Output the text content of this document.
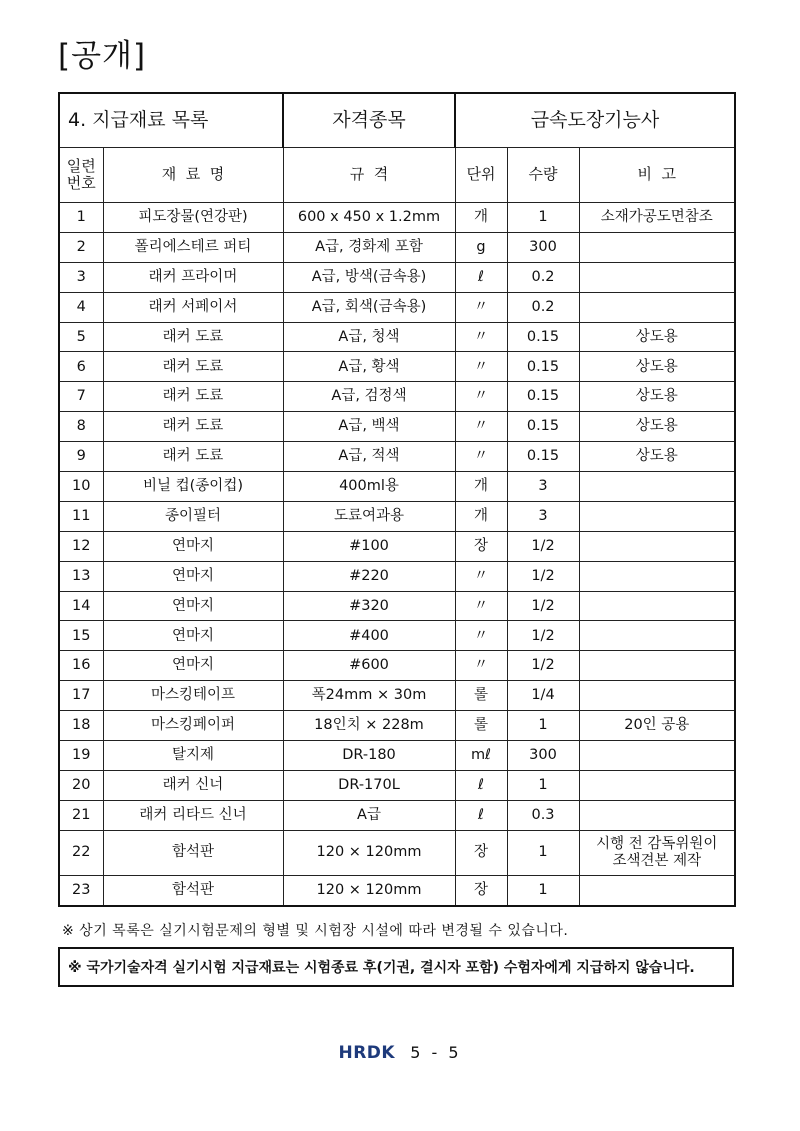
[공개]
4. 지급재료 목록		자격종목	금속도장기능사		
일련
번호	재  료  명	규  격	단위	수량	비  고
1	피도장물(연강판)	600 x 450 x 1.2mm	개	1	소재가공도면참조
2	폴리에스테르 퍼티	A급, 경화제 포함	g	300	
3	래커 프라이머	A급, 방색(금속용)	ℓ	0.2	
4	래커 서페이서	A급, 회색(금속용)	〃	0.2	
5	래커 도료	A급, 청색	〃	0.15	상도용
6	래커 도료	A급, 황색	〃	0.15	상도용
7	래커 도료	A급, 검정색	〃	0.15	상도용
8	래커 도료	A급, 백색	〃	0.15	상도용
9	래커 도료	A급, 적색	〃	0.15	상도용
10	비닐 컵(종이컵)	400ml용	개	3	
11	종이필터	도료여과용	개	3	
12	연마지	#100	장	1/2	
13	연마지	#220	〃	1/2	
14	연마지	#320	〃	1/2	
15	연마지	#400	〃	1/2	
16	연마지	#600	〃	1/2	
17	마스킹테이프	폭24mm × 30m	롤	1/4	
18	마스킹페이퍼	18인치 × 228m	롤	1	20인 공용
19	탈지제	DR-180	mℓ	300	
20	래커 신너	DR-170L	ℓ	1	
21	래커 리타드 신너	A급	ℓ	0.3	
22	함석판	120 × 120mm	장	1	시행 전 감독위원이
조색견본 제작
23	함석판	120 × 120mm	장	1	
※ 상기 목록은 실기시험문제의 형별 및 시험장 시설에 따라 변경될 수 있습니다.
※ 국가기술자격 실기시험 지급재료는 시험종료 후(기권, 결시자 포함) 수험자에게 지급하지 않습니다.
HRDK 5 - 5
